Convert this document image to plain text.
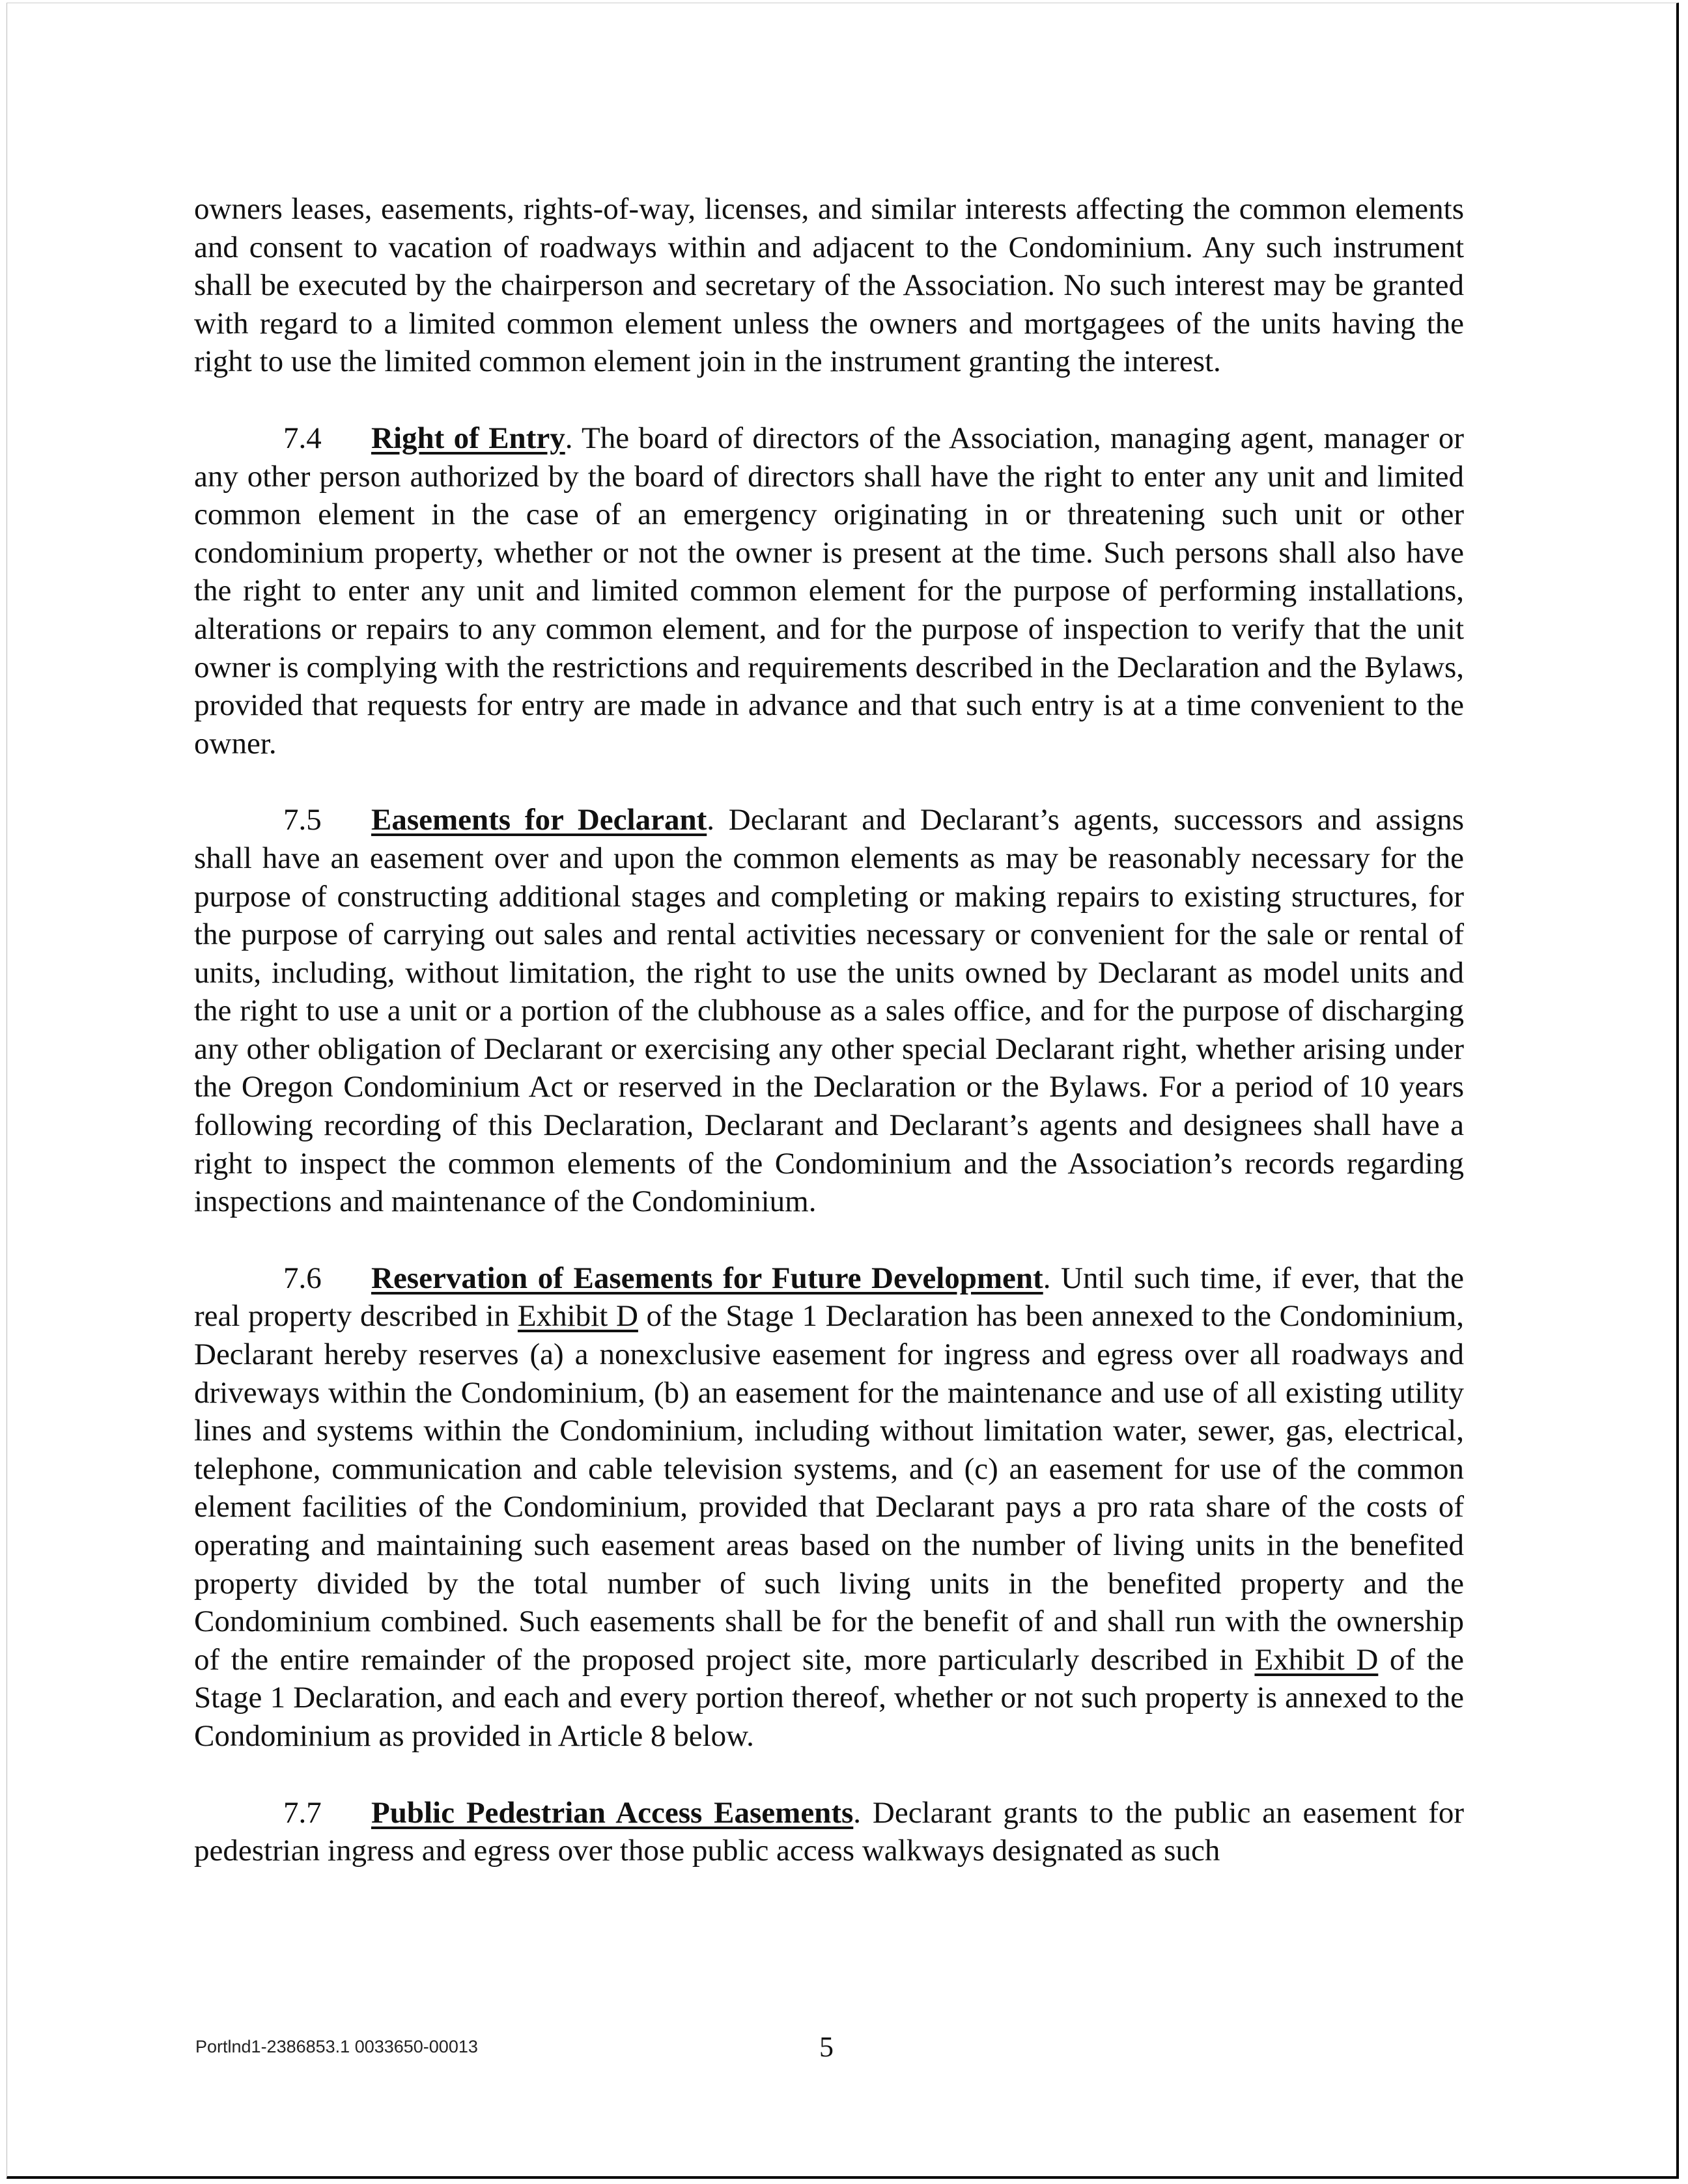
owners leases, easements, rights-of-way, licenses, and similar interests affecting the common elements and consent to vacation of roadways within and adjacent to the Condominium. Any such instrument shall be executed by the chairperson and secretary of the Association. No such interest may be granted with regard to a limited common element unless the owners and mortgagees of the units having the right to use the limited common element join in the instrument granting the interest.

7.4 Right of Entry. The board of directors of the Association, managing agent, manager or any other person authorized by the board of directors shall have the right to enter any unit and limited common element in the case of an emergency originating in or threatening such unit or other condominium property, whether or not the owner is present at the time. Such persons shall also have the right to enter any unit and limited common element for the purpose of performing installations, alterations or repairs to any common element, and for the purpose of inspection to verify that the unit owner is complying with the restrictions and requirements described in the Declaration and the Bylaws, provided that requests for entry are made in advance and that such entry is at a time convenient to the owner.

7.5 Easements for Declarant. Declarant and Declarant’s agents, successors and assigns shall have an easement over and upon the common elements as may be reasonably necessary for the purpose of constructing additional stages and completing or making repairs to existing structures, for the purpose of carrying out sales and rental activities necessary or convenient for the sale or rental of units, including, without limitation, the right to use the units owned by Declarant as model units and the right to use a unit or a portion of the clubhouse as a sales office, and for the purpose of discharging any other obligation of Declarant or exercising any other special Declarant right, whether arising under the Oregon Condominium Act or reserved in the Declaration or the Bylaws. For a period of 10 years following recording of this Declaration, Declarant and Declarant’s agents and designees shall have a right to inspect the common elements of the Condominium and the Association’s records regarding inspections and maintenance of the Condominium.

7.6 Reservation of Easements for Future Development. Until such time, if ever, that the real property described in Exhibit D of the Stage 1 Declaration has been annexed to the Condominium, Declarant hereby reserves (a) a nonexclusive easement for ingress and egress over all roadways and driveways within the Condominium, (b) an easement for the maintenance and use of all existing utility lines and systems within the Condominium, including without limitation water, sewer, gas, electrical, telephone, communication and cable television systems, and (c) an easement for use of the common element facilities of the Condominium, provided that Declarant pays a pro rata share of the costs of operating and maintaining such easement areas based on the number of living units in the benefited property divided by the total number of such living units in the benefited property and the Condominium combined. Such easements shall be for the benefit of and shall run with the ownership of the entire remainder of the proposed project site, more particularly described in Exhibit D of the Stage 1 Declaration, and each and every portion thereof, whether or not such property is annexed to the Condominium as provided in Article 8 below.

7.7 Public Pedestrian Access Easements. Declarant grants to the public an easement for pedestrian ingress and egress over those public access walkways designated as such

Portlnd1-2386853.1 0033650-00013	5
